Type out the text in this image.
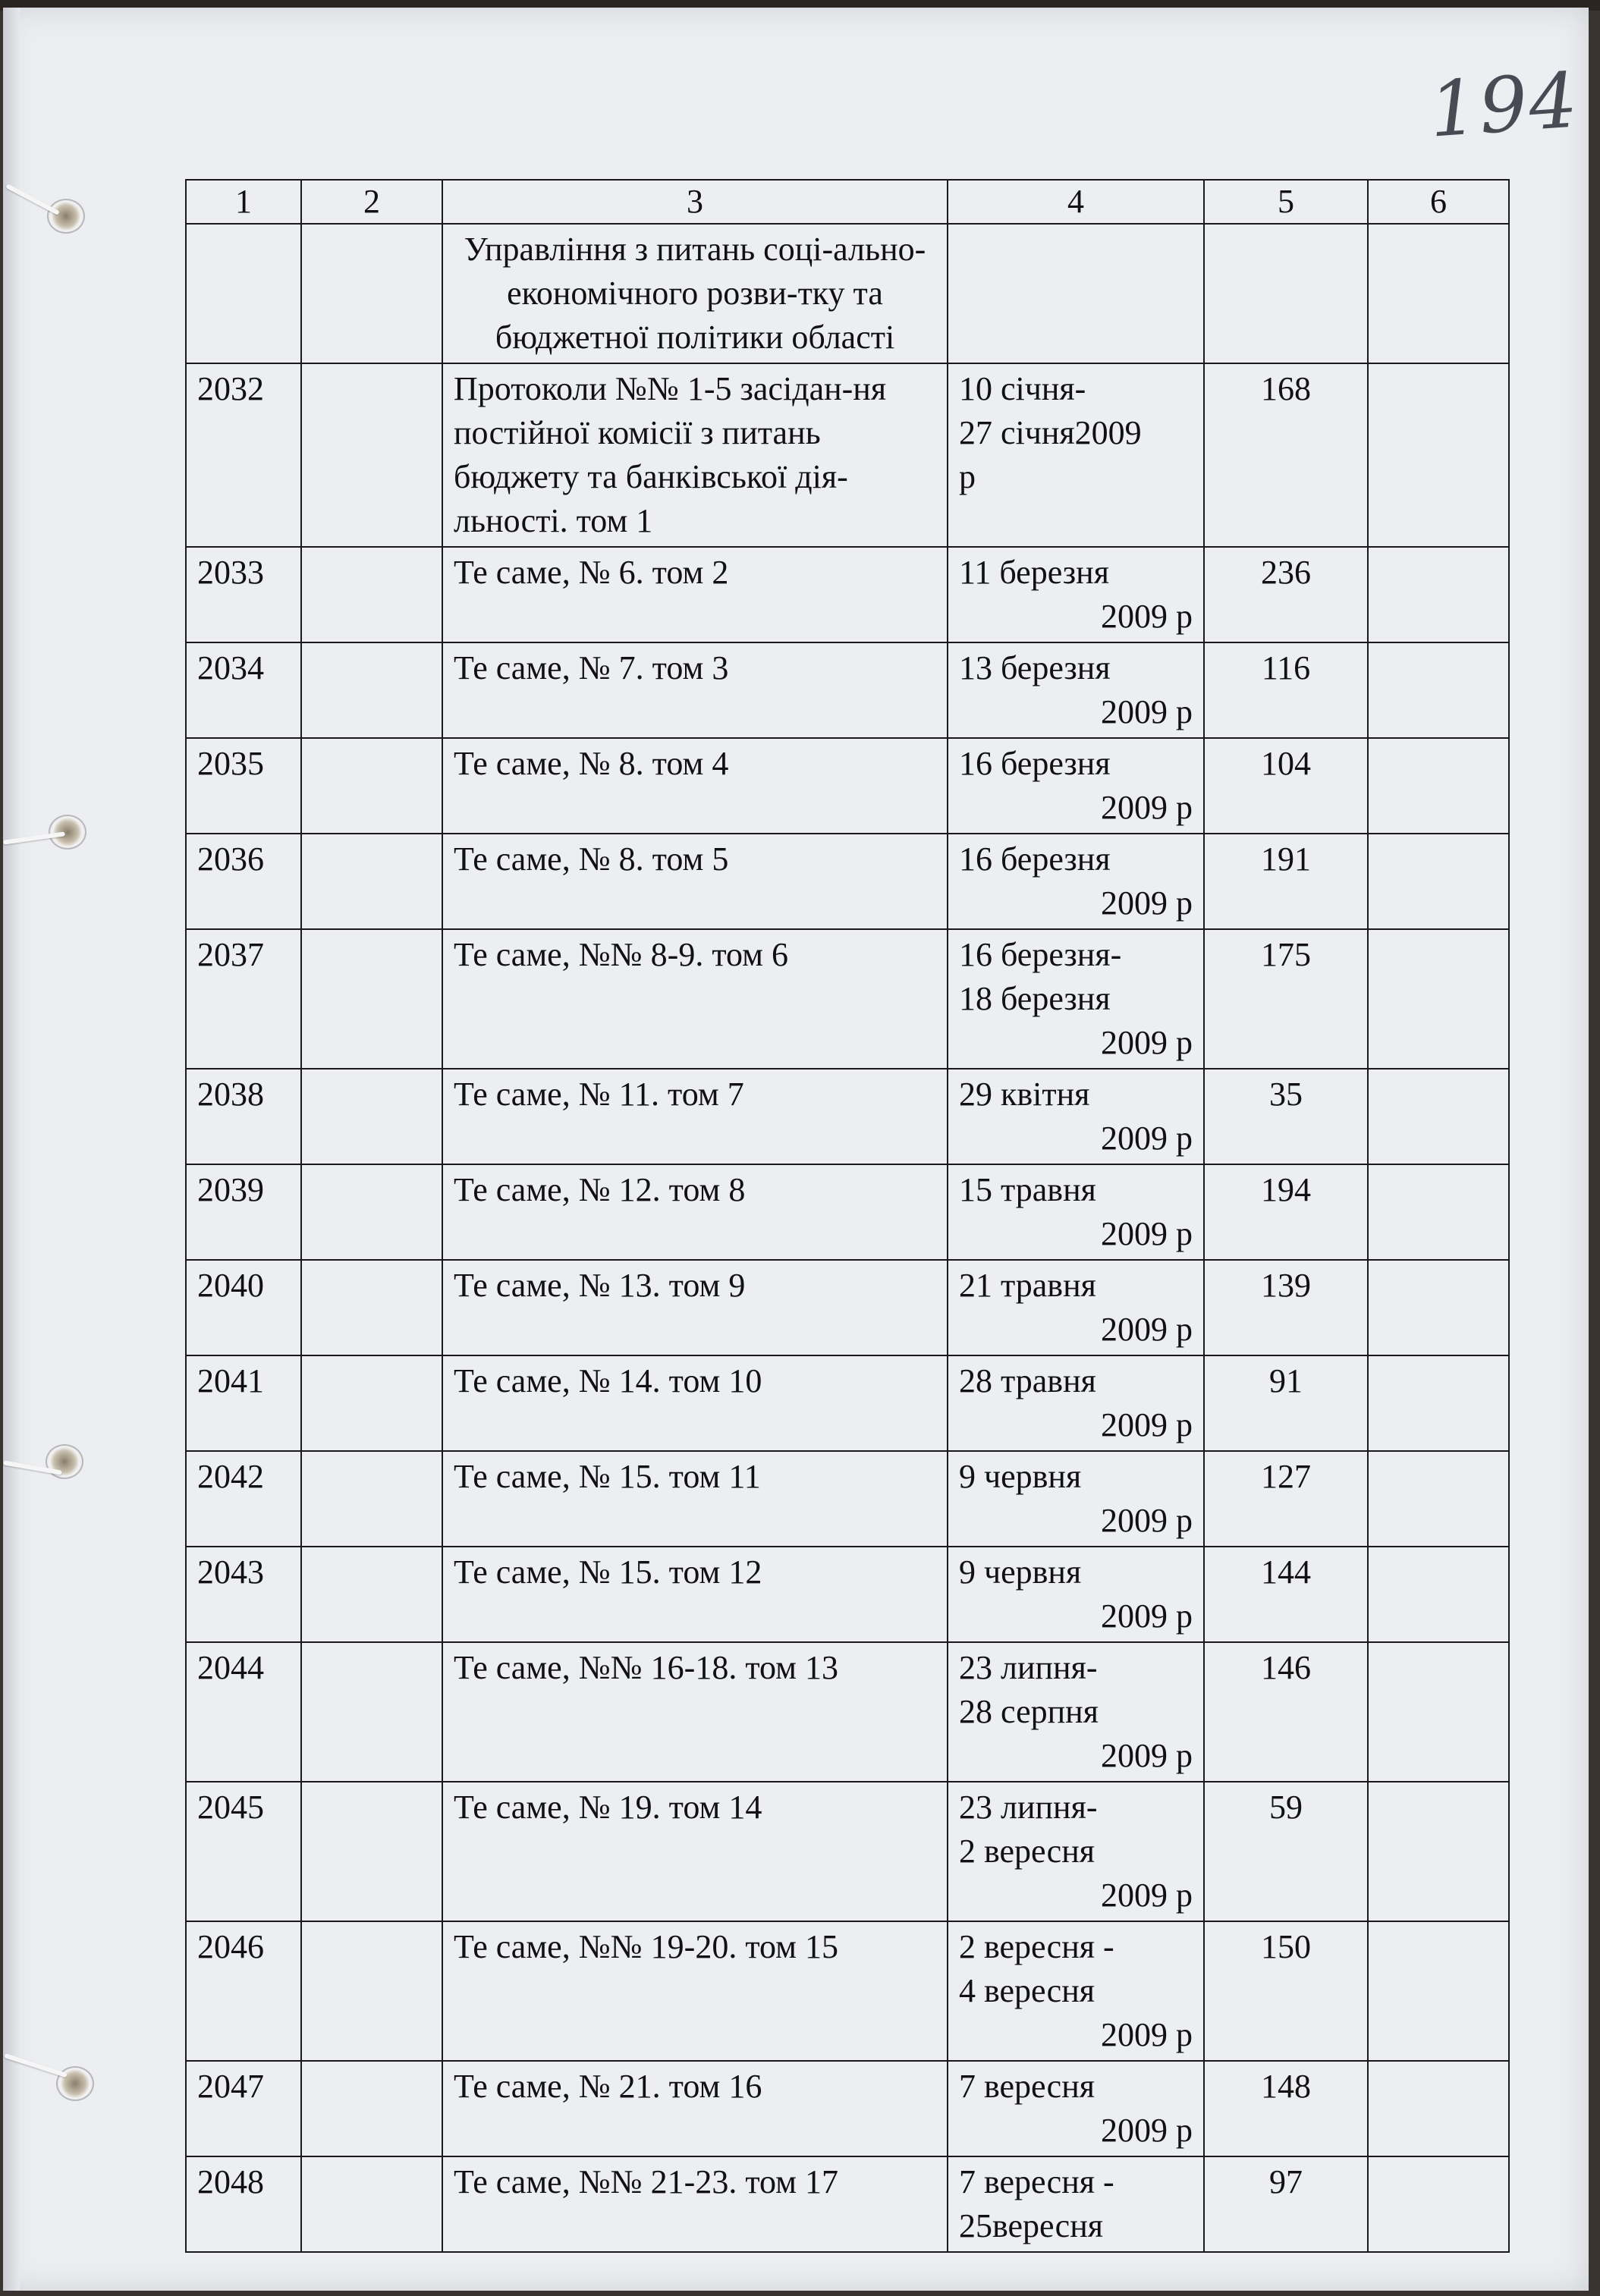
194
1	2	3	4	5	6
		Управління з питань соці-ально-економічного розви-тку та бюджетної політики області			
2032		Протоколи №№ 1-5 засідан-ня постійної комісії з питань бюджету та банківської дія-льності. том 1	10 січня-
27 січня2009
р	168	
2033		Те саме, № 6. том 2	11 березня
2009 р	236	
2034		Те саме, № 7. том 3	13 березня
2009 р	116	
2035		Те саме, № 8. том 4	16 березня
2009 р	104	
2036		Те саме, № 8. том 5	16 березня
2009 р	191	
2037		Те саме, №№ 8-9. том 6	16 березня-
18 березня
2009 р	175	
2038		Те саме, № 11. том 7	29 квітня
2009 р	35	
2039		Те саме, № 12. том 8	15 травня
2009 р	194	
2040		Те саме, № 13. том 9	21 травня
2009 р	139	
2041		Те саме, № 14. том 10	28 травня
2009 р	91	
2042		Те саме, № 15. том 11	9 червня
2009 р	127	
2043		Те саме, № 15. том 12	9 червня
2009 р	144	
2044		Те саме, №№ 16-18. том 13	23 липня-
28 серпня
2009 р	146	
2045		Те саме, № 19. том 14	23 липня-
2 вересня
2009 р	59	
2046		Те саме, №№ 19-20. том 15	2 вересня -
4 вересня
2009 р	150	
2047		Те саме, № 21. том 16	7 вересня
2009 р	148	
2048		Те саме, №№ 21-23. том 17	7 вересня -
25вересня	97	
